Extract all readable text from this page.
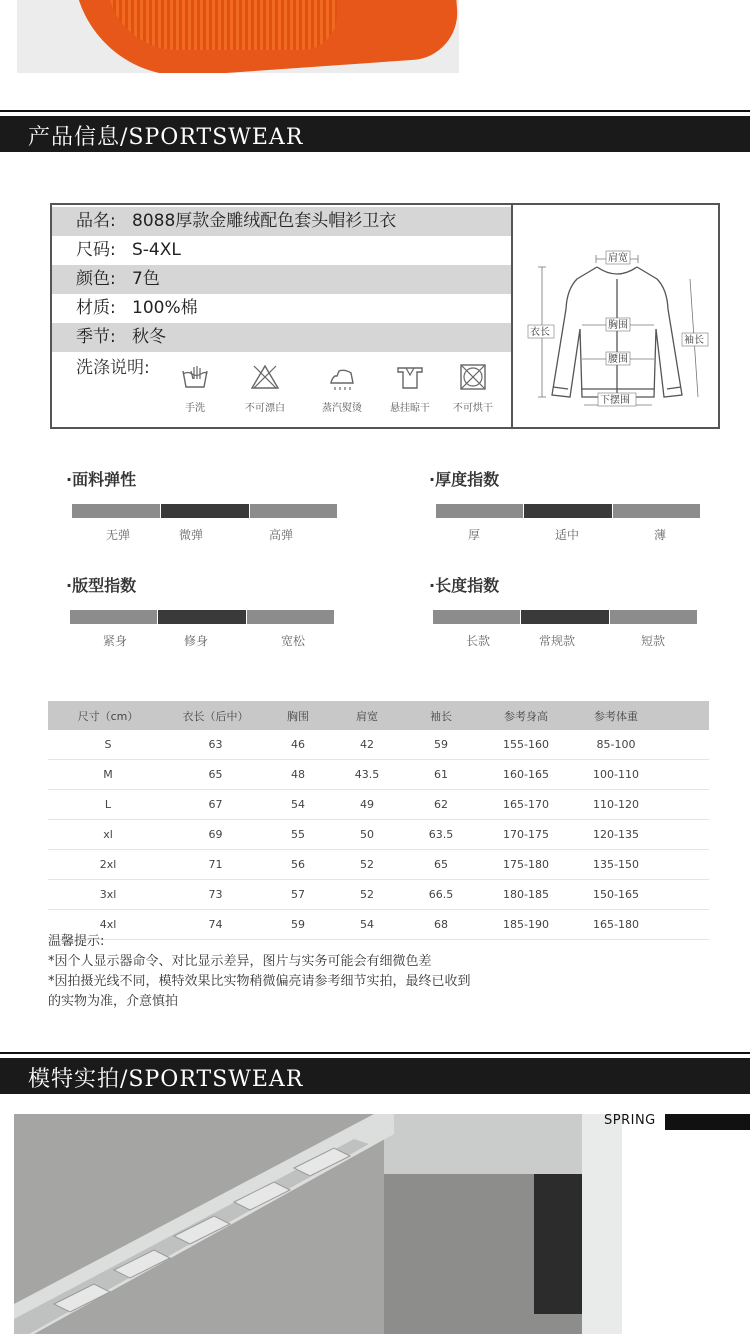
产品信息/SPORTSWEAR
品名: 8088厚款金雕绒配色套头帽衫卫衣
尺码: S-4XL
颜色: 7色
材质: 100%棉
季节: 秋冬
洗涤说明:
手洗	不可漂白	蒸汽熨烫	悬挂晾干	不可烘干
肩宽
衣长
胸围
袖长
腰围
下摆围
·面料弹性
无弹	微弹	高弹
·厚度指数
厚	适中	薄
·版型指数
紧身	修身	宽松
·长度指数
长款	常规款	短款
尺寸（cm）	衣长（后中）	胸围	肩宽	袖长	参考身高	参考体重	
S	63	46	42	59	155-160	85-100	
M	65	48	43.5	61	160-165	100-110	
L	67	54	49	62	165-170	110-120	
xl	69	55	50	63.5	170-175	120-135	
2xl	71	56	52	65	175-180	135-150	
3xl	73	57	52	66.5	180-185	150-165	
4xl	74	59	54	68	185-190	165-180	
温馨提示:
*因个人显示器命令、对比显示差异，图片与实务可能会有细微色差
*因拍摄光线不同，模特效果比实物稍微偏亮请参考细节实拍，最终已收到的实物为准，介意慎拍
模特实拍/SPORTSWEAR
SPRING
